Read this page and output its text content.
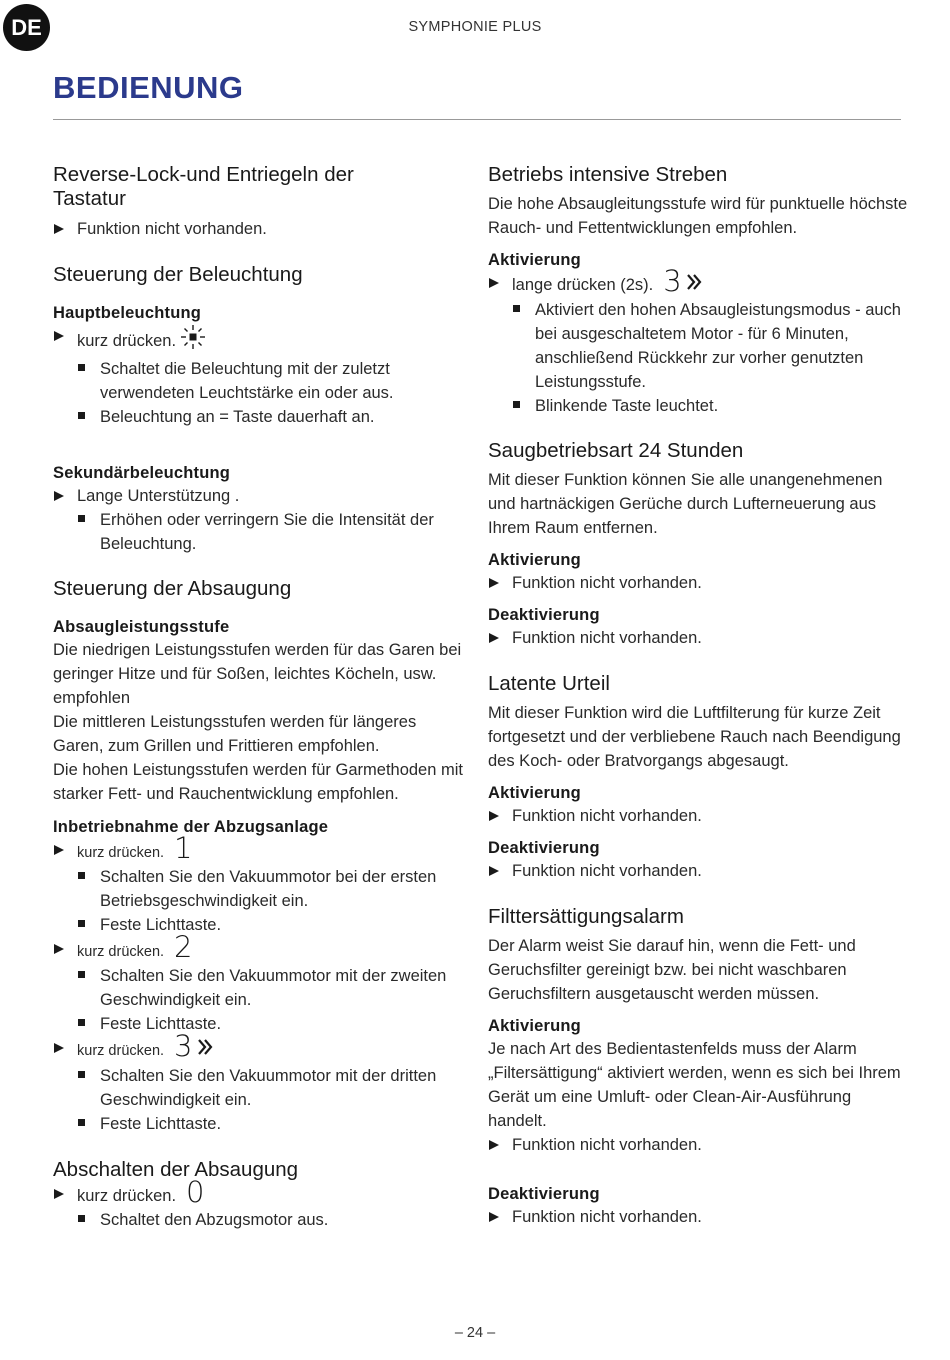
DE	SYMPHONIE PLUS
BEDIENUNG
Reverse-Lock-und Entriegeln der Tastatur
Funktion nicht vorhanden.
Steuerung der Beleuchtung
Hauptbeleuchtung
kurz drücken.
Schaltet die Beleuchtung mit der zuletzt verwendeten Leuchtstärke ein oder aus.
Beleuchtung an = Taste dauerhaft an.
Sekundärbeleuchtung
Lange Unterstützung .
Erhöhen oder verringern Sie die Intensität der Beleuchtung.
Steuerung der Absaugung
Absaugleistungsstufe
Die niedrigen Leistungsstufen werden für das Garen bei geringer Hitze und für Soßen, leichtes Köcheln, usw. empfohlen
Die mittleren Leistungsstufen werden für längeres Garen, zum Grillen und Frittieren empfohlen.
Die hohen Leistungsstufen werden für Garmethoden mit starker Fett- und Rauchentwicklung empfohlen.
Inbetriebnahme der Abzugsanlage
kurz drücken. 1
Schalten Sie den Vakuummotor bei der ersten Betriebsgeschwindigkeit ein.
Feste Lichttaste.
kurz drücken. 2
Schalten Sie den Vakuummotor mit der zweiten Geschwindigkeit ein.
Feste Lichttaste.
kurz drücken. 3
Schalten Sie den Vakuummotor mit der dritten Geschwindigkeit ein.
Feste Lichttaste.
Abschalten der Absaugung
kurz drücken. 0
Schaltet den Abzugsmotor aus.
Betriebs intensive Streben
Die hohe Absaugleitungsstufe wird für punktuelle höchste Rauch- und Fettentwicklungen empfohlen.
Aktivierung
lange drücken (2s). 3
Aktiviert den hohen Absaugleistungsmodus - auch bei ausgeschaltetem Motor - für 6 Minuten, anschließend Rückkehr zur vorher genutzten Leistungsstufe.
Blinkende Taste leuchtet.
Saugbetriebsart 24 Stunden
Mit dieser Funktion können Sie alle unangenehmenen und hartnäckigen Gerüche durch Lufterneuerung aus Ihrem Raum entfernen.
Aktivierung
Funktion nicht vorhanden.
Deaktivierung
Funktion nicht vorhanden.
Latente Urteil
Mit dieser Funktion wird die Luftfilterung für kurze Zeit fortgesetzt und der verbliebene Rauch nach Beendigung des Koch- oder Bratvorgangs abgesaugt.
Aktivierung
Funktion nicht vorhanden.
Deaktivierung
Funktion nicht vorhanden.
Filttersättigungsalarm
Der Alarm weist Sie darauf hin, wenn die Fett- und Geruchsfilter gereinigt bzw. bei nicht waschbaren Geruchsfiltern ausgetauscht werden müssen.
Aktivierung
Je nach Art des Bedientastenfelds muss der Alarm „Filtersättigung“ aktiviert werden, wenn es sich bei Ihrem Gerät um eine Umluft- oder Clean-Air-Ausführung handelt.
Funktion nicht vorhanden.
Deaktivierung
Funktion nicht vorhanden.
– 24 –
